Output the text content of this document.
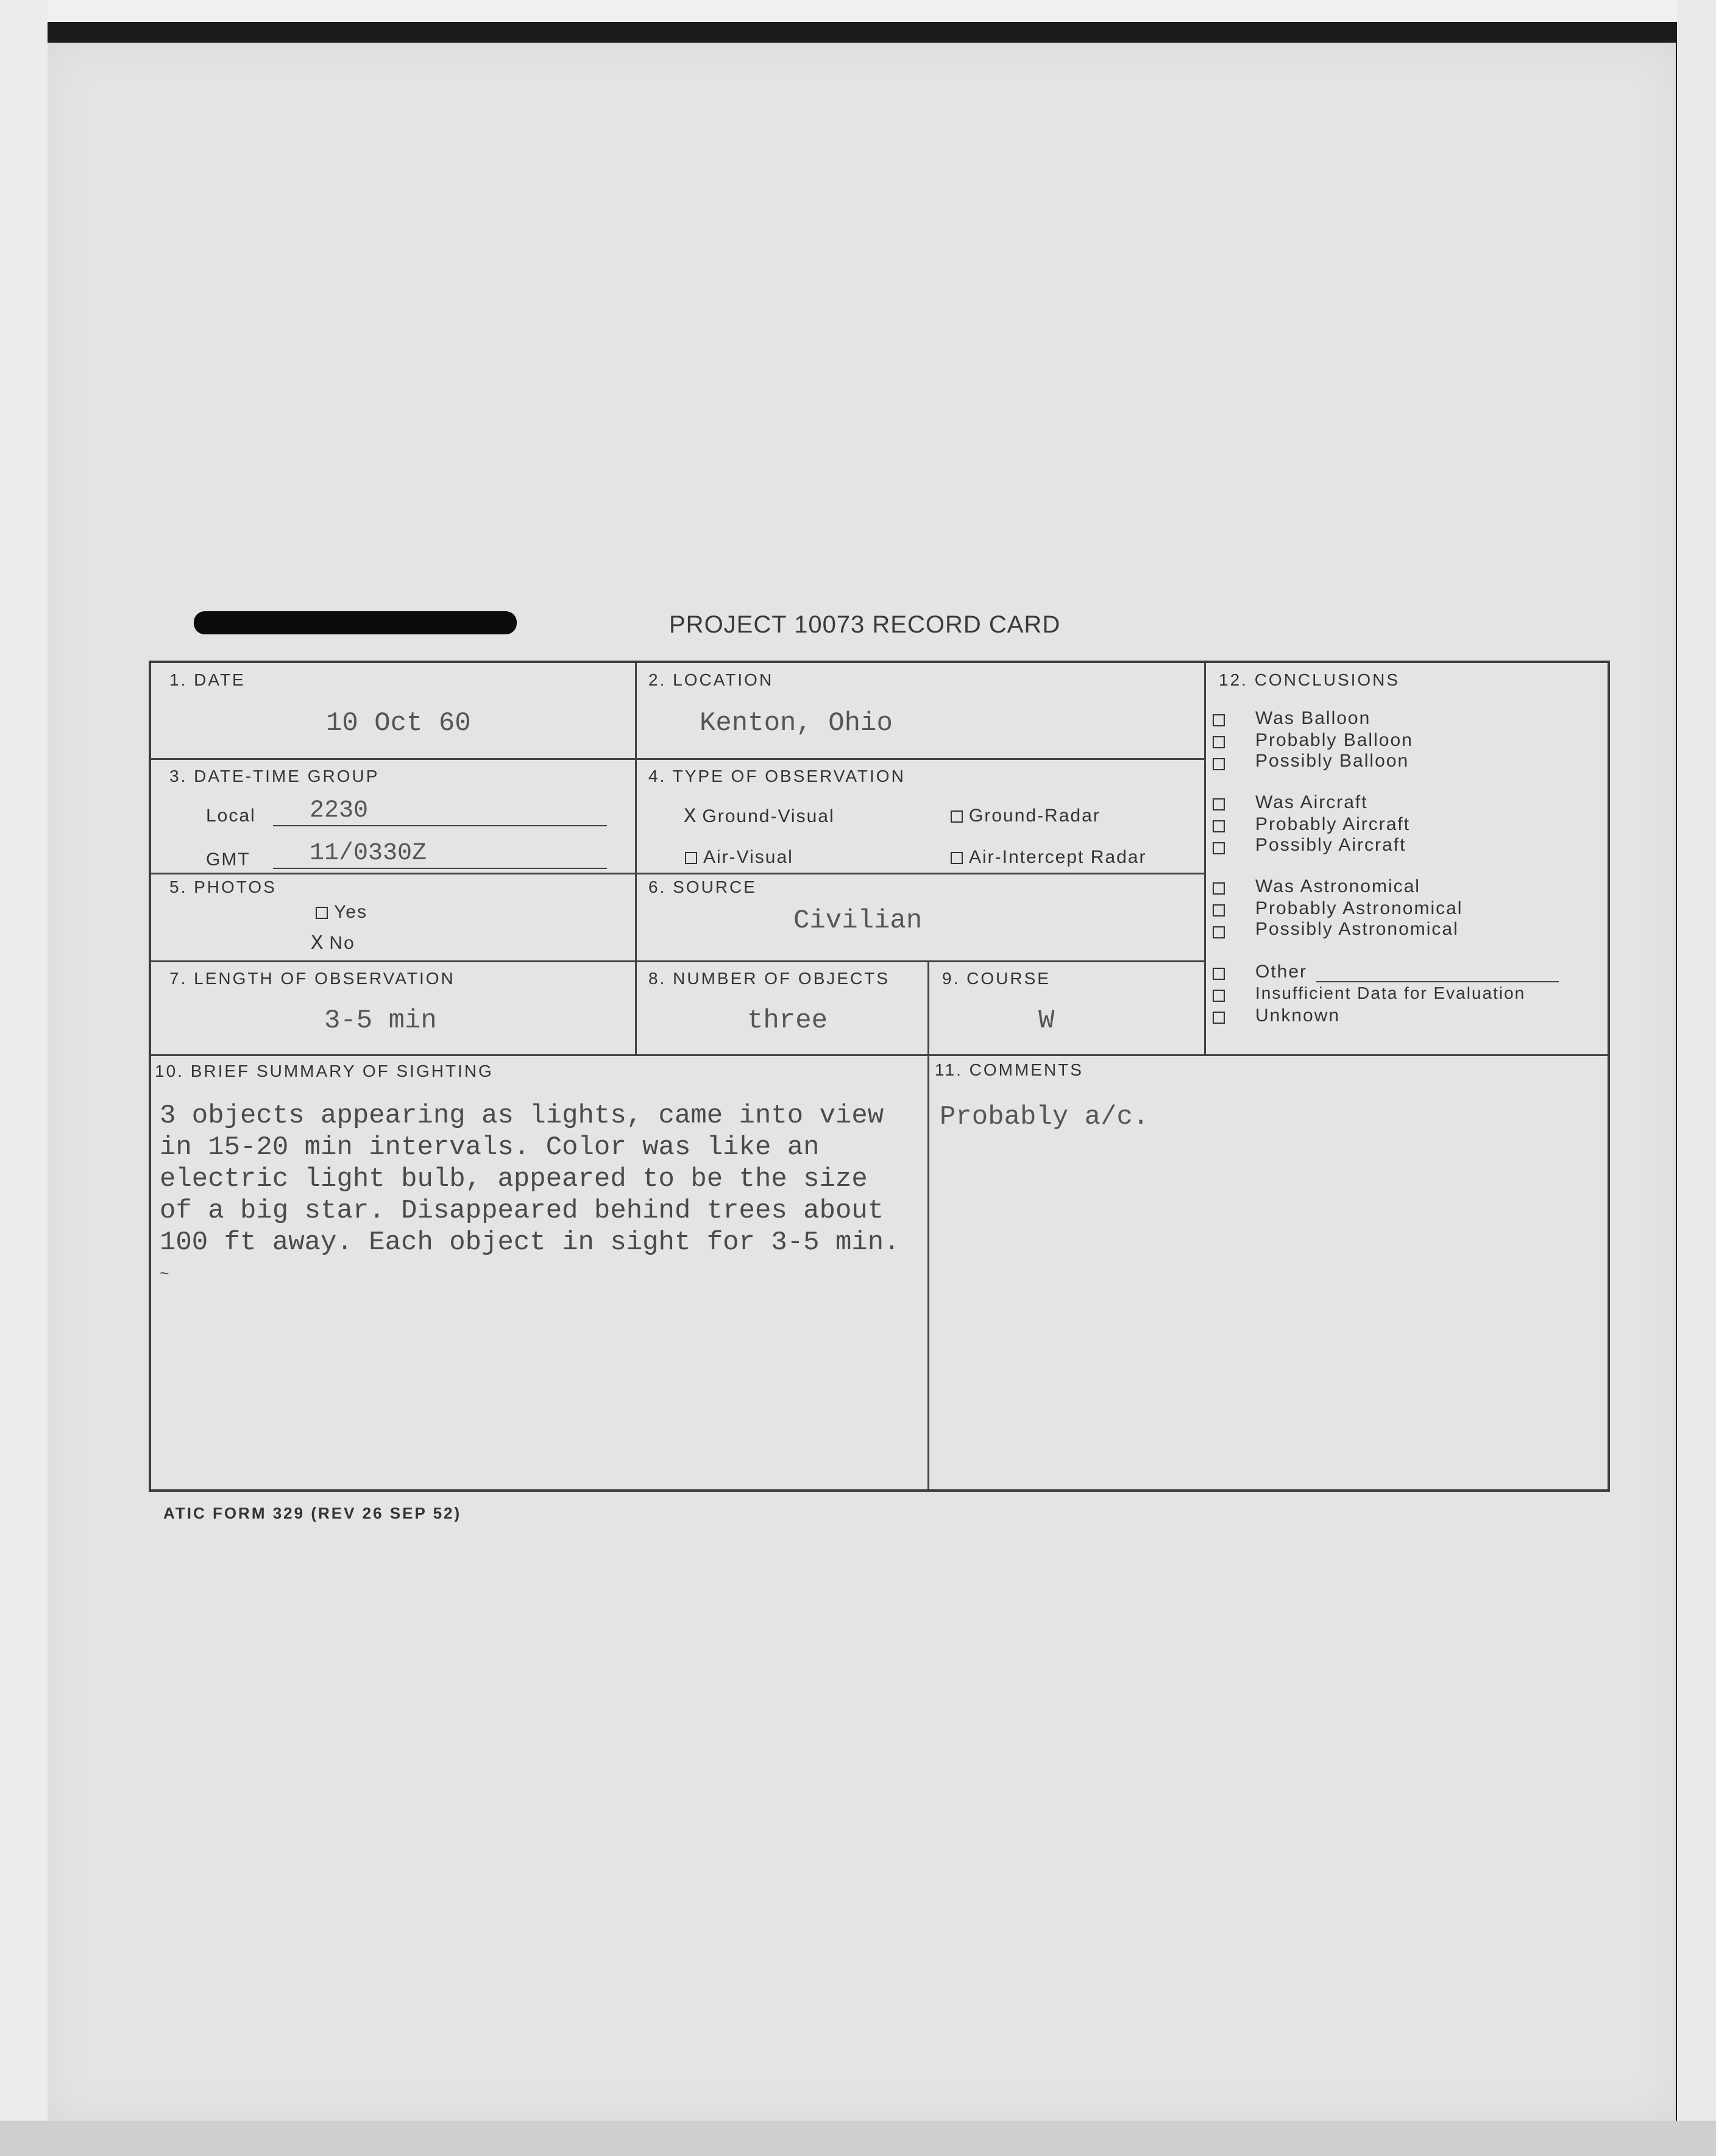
PROJECT 10073 RECORD CARD
1. DATE
10 Oct 60
2. LOCATION
Kenton, Ohio
3. DATE-TIME GROUP
Local 2230
GMT 11/0330Z
4. TYPE OF OBSERVATION
X Ground-Visual	Ground-Radar
Air-Visual	Air-Intercept Radar
5. PHOTOS
Yes
X No
6. SOURCE
Civilian
7. LENGTH OF OBSERVATION
3-5 min
8. NUMBER OF OBJECTS
three
9. COURSE
W
12. CONCLUSIONS
Was Balloon
Probably Balloon
Possibly Balloon
Was Aircraft
Probably Aircraft
Possibly Aircraft
Was Astronomical
Probably Astronomical
Possibly Astronomical
Other
Insufficient Data for Evaluation
Unknown
10. BRIEF SUMMARY OF SIGHTING
3 objects appearing as lights, came into view
in 15-20 min intervals. Color was like an
electric light bulb, appeared to be the size
of a big star. Disappeared behind trees about
100 ft away. Each object in sight for 3-5 min.
~
11. COMMENTS
Probably a/c.
ATIC FORM 329 (REV 26 SEP 52)
